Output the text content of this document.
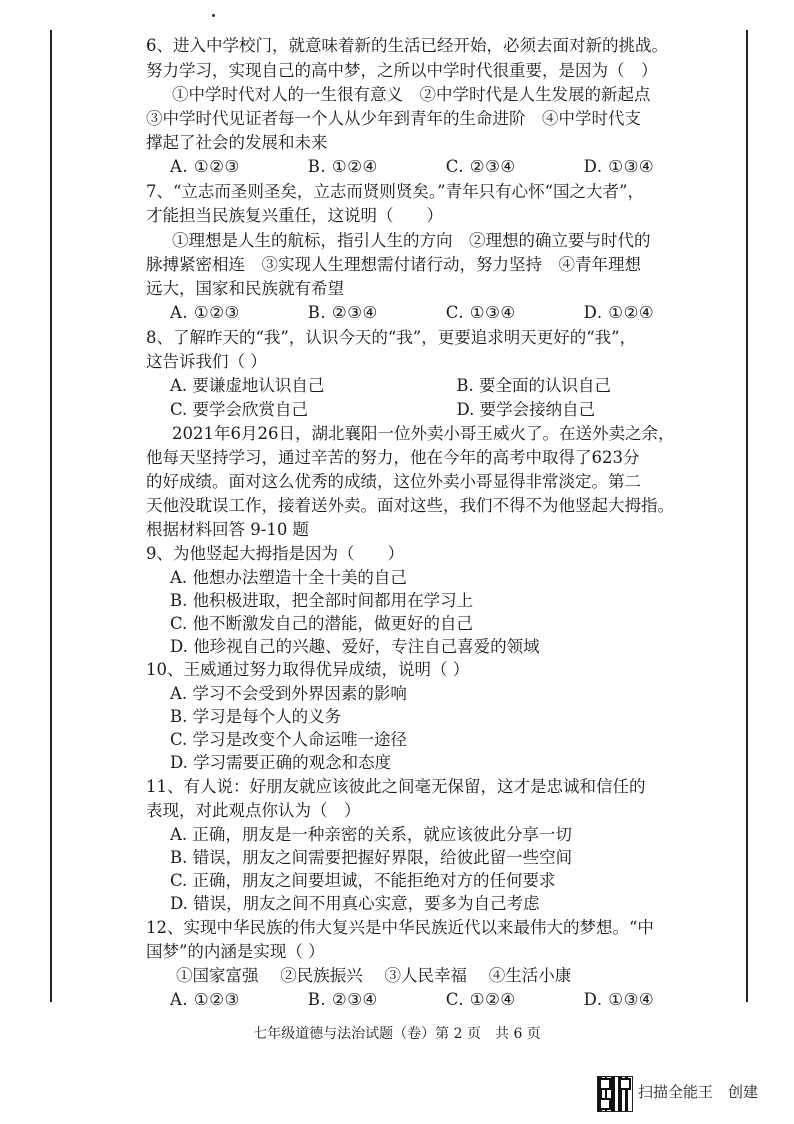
6、进入中学校门，就意味着新的生活已经开始，必须去面对新的挑战。
努力学习，实现自己的高中梦，之所以中学时代很重要，是因为（　）
①中学时代对人的一生很有意义　②中学时代是人生发展的新起点
③中学时代见证者每一个人从少年到青年的生命进阶　④中学时代支
撑起了社会的发展和未来
A. ①②③　　　　B. ①②④　　　　C. ②③④　　　　D. ①③④
7、“立志而圣则圣矣，立志而贤则贤矣。”青年只有心怀“国之大者”，
才能担当民族复兴重任，这说明（　　）
①理想是人生的航标，指引人生的方向　②理想的确立要与时代的
脉搏紧密相连　③实现人生理想需付诸行动，努力坚持　④青年理想
远大，国家和民族就有希望
A. ①②③　　　　B. ②③④　　　　C. ①③④　　　　D. ①②④
8、了解昨天的“我”，认识今天的“我”，更要追求明天更好的“我”，
这告诉我们（ ）
A. 要谦虚地认识自己　　　　　　　　B. 要全面的认识自己
C. 要学会欣赏自己　　　　　　　　　D. 要学会接纳自己
2021年6月26日，湖北襄阳一位外卖小哥王威火了。在送外卖之余，
他每天坚持学习，通过辛苦的努力，他在今年的高考中取得了623分
的好成绩。面对这么优秀的成绩，这位外卖小哥显得非常淡定。第二
天他没耽误工作，接着送外卖。面对这些，我们不得不为他竖起大拇指。
根据材料回答 9-10 题
9、为他竖起大拇指是因为（　　）
A. 他想办法塑造十全十美的自己
B. 他积极进取，把全部时间都用在学习上
C. 他不断激发自己的潜能，做更好的自己
D. 他珍视自己的兴趣、爱好，专注自己喜爱的领域
10、王威通过努力取得优异成绩，说明（ ）
A. 学习不会受到外界因素的影响
B. 学习是每个人的义务
C. 学习是改变个人命运唯一途径
D. 学习需要正确的观念和态度
11、有人说：好朋友就应该彼此之间毫无保留，这才是忠诚和信任的
表现，对此观点你认为（　）
A. 正确，朋友是一种亲密的关系，就应该彼此分享一切
B. 错误，朋友之间需要把握好界限，给彼此留一些空间
C. 正确，朋友之间要坦诚，不能拒绝对方的任何要求
D. 错误，朋友之间不用真心实意，要多为自己考虑
12、实现中华民族的伟大复兴是中华民族近代以来最伟大的梦想。“中
国梦”的内涵是实现（ ）
①国家富强　 ②民族振兴　 ③人民幸福　 ④生活小康
A. ①②③　　　　B. ②③④　　　　C. ①②④　　　　D. ①③④
七年级道德与法治试题（卷）第 2 页　共 6 页
扫描全能王　创建
